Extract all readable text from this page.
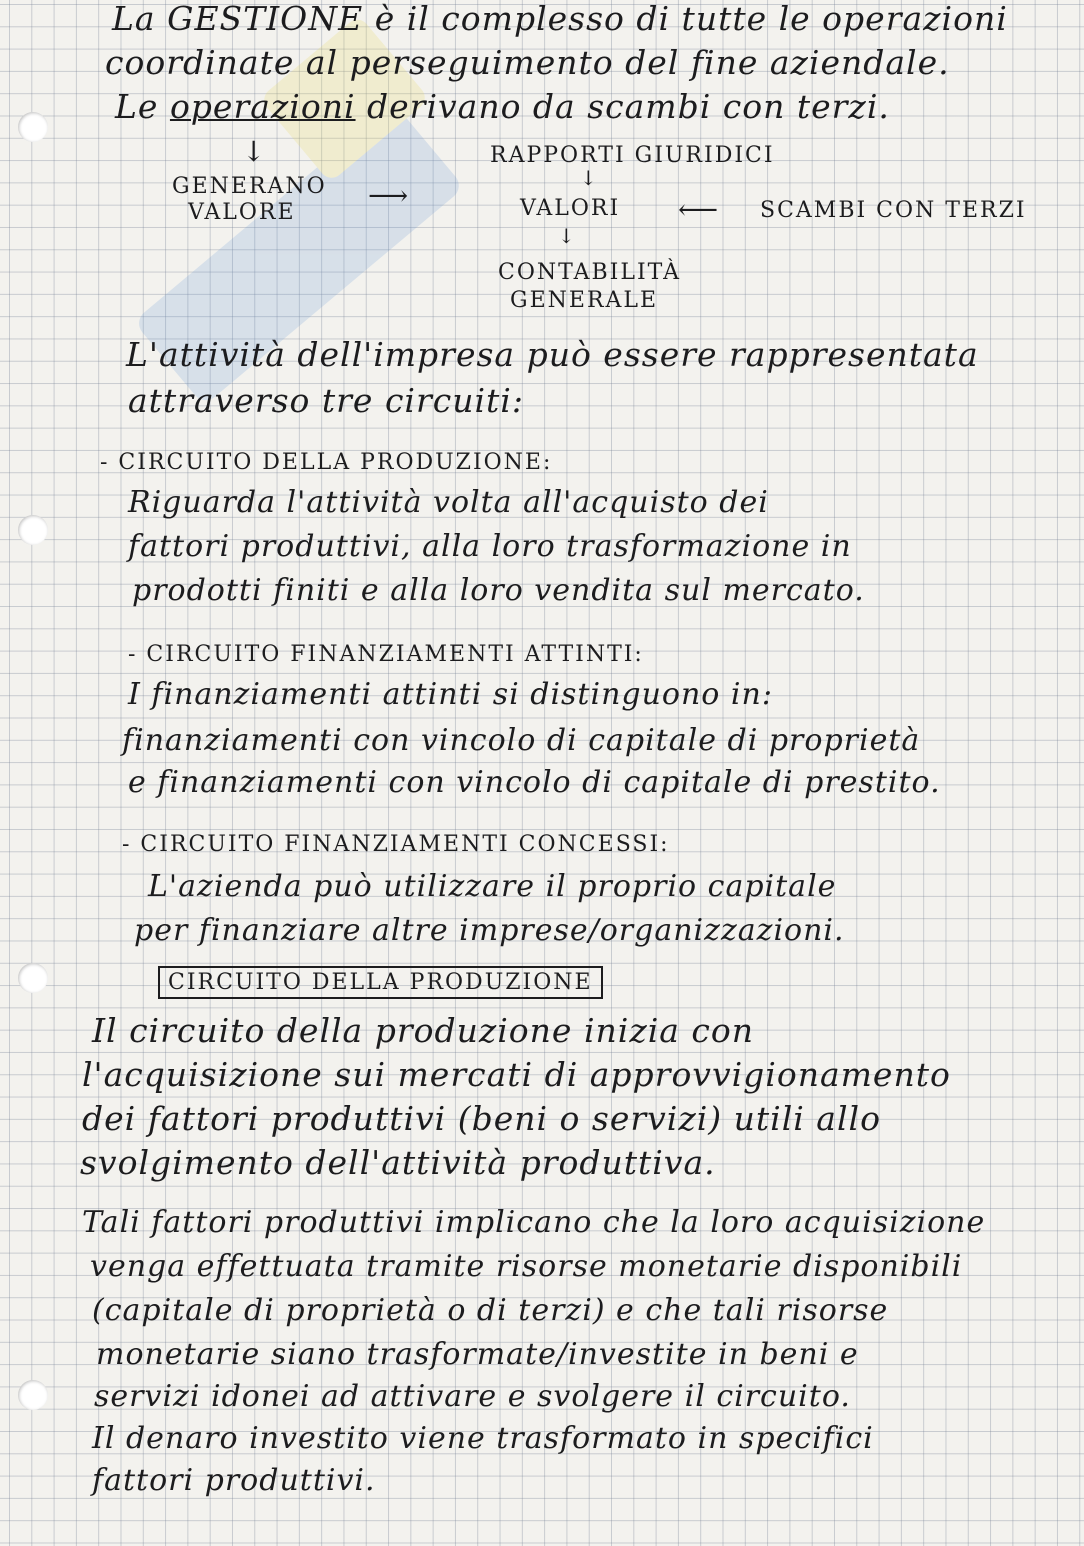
La GESTIONE è il complesso di tutte le operazioni
coordinate al perseguimento del fine aziendale.
Le operazioni derivano da scambi con terzi.
↓
GENERANO
VALORE
⟶
RAPPORTI GIURIDICI
↓
VALORI ⟵ SCAMBI CON TERZI
↓
CONTABILITÀ
GENERALE
L'attività dell'impresa può essere rappresentata
attraverso tre circuiti:
- CIRCUITO DELLA PRODUZIONE:
Riguarda l'attività volta all'acquisto dei
fattori produttivi, alla loro trasformazione in
prodotti finiti e alla loro vendita sul mercato.
- CIRCUITO FINANZIAMENTI ATTINTI:
I finanziamenti attinti si distinguono in:
finanziamenti con vincolo di capitale di proprietà
e finanziamenti con vincolo di capitale di prestito.
- CIRCUITO FINANZIAMENTI CONCESSI:
L'azienda può utilizzare il proprio capitale
per finanziare altre imprese/organizzazioni.
CIRCUITO DELLA PRODUZIONE
Il circuito della produzione inizia con
l'acquisizione sui mercati di approvvigionamento
dei fattori produttivi (beni o servizi) utili allo
svolgimento dell'attività produttiva.
Tali fattori produttivi implicano che la loro acquisizione
venga effettuata tramite risorse monetarie disponibili
(capitale di proprietà o di terzi) e che tali risorse
monetarie siano trasformate/investite in beni e
servizi idonei ad attivare e svolgere il circuito.
Il denaro investito viene trasformato in specifici
fattori produttivi.
